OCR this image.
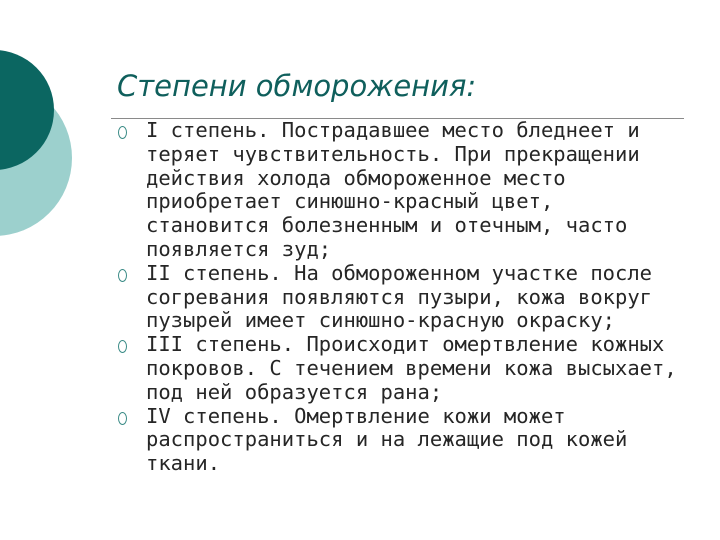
Степени обморожения:
I степень. Пострадавшее место бледнеет и теряет чувствительность. При прекращении действия холода обмороженное место приобретает синюшно-красный цвет, становится болезненным и отечным, часто появляется зуд;
II степень. На обмороженном участке после согревания появляются пузыри, кожа вокруг пузырей имеет синюшно-красную окраску;
III степень. Происходит омертвление кожных покровов. С течением времени кожа высыхает, под ней образуется рана;
IV степень. Омертвление кожи может распространиться и на лежащие под кожей ткани.
